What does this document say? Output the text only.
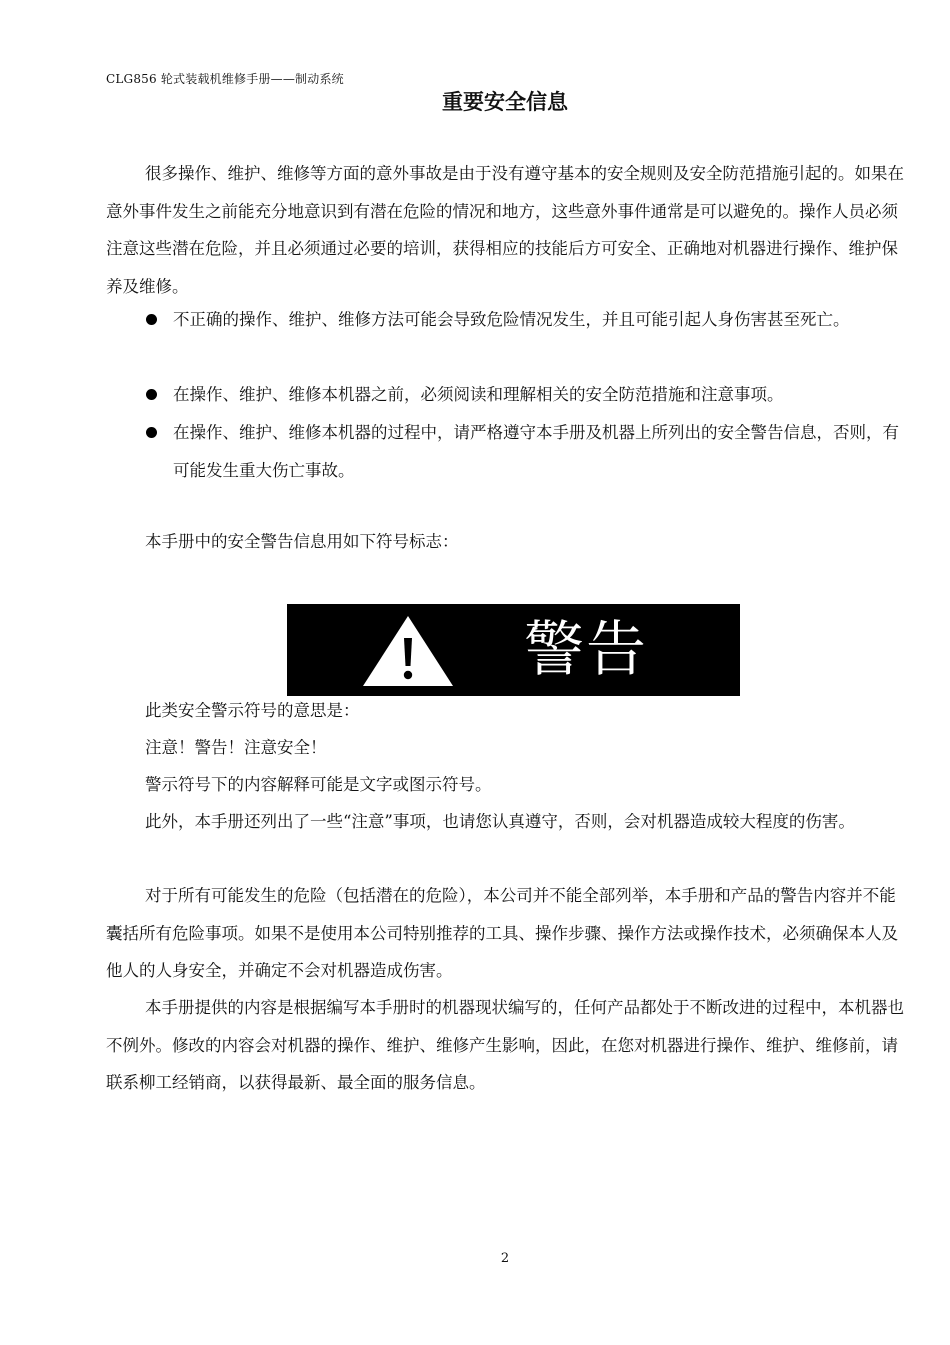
CLG856 轮式装载机维修手册——制动系统
重要安全信息

很多操作、维护、维修等方面的意外事故是由于没有遵守基本的安全规则及安全防范措施引起的。如果在意外事件发生之前能充分地意识到有潜在危险的情况和地方，这些意外事件通常是可以避免的。操作人员必须注意这些潜在危险，并且必须通过必要的培训，获得相应的技能后方可安全、正确地对机器进行操作、维护保养及维修。

不正确的操作、维护、维修方法可能会导致危险情况发生，并且可能引起人身伤害甚至死亡。
在操作、维护、维修本机器之前，必须阅读和理解相关的安全防范措施和注意事项。
在操作、维护、维修本机器的过程中，请严格遵守本手册及机器上所列出的安全警告信息，否则，有可能发生重大伤亡事故。
本手册中的安全警告信息用如下符号标志：
警告
此类安全警示符号的意思是：
注意！警告！注意安全！
警示符号下的内容解释可能是文字或图示符号。

此外，本手册还列出了一些“注意”事项，也请您认真遵守，否则，会对机器造成较大程度的伤害。

对于所有可能发生的危险（包括潜在的危险），本公司并不能全部列举，本手册和产品的警告内容并不能囊括所有危险事项。如果不是使用本公司特别推荐的工具、操作步骤、操作方法或操作技术，必须确保本人及他人的人身安全，并确定不会对机器造成伤害。

本手册提供的内容是根据编写本手册时的机器现状编写的，任何产品都处于不断改进的过程中，本机器也不例外。修改的内容会对机器的操作、维护、维修产生影响，因此，在您对机器进行操作、维护、维修前，请联系柳工经销商，以获得最新、最全面的服务信息。

2
